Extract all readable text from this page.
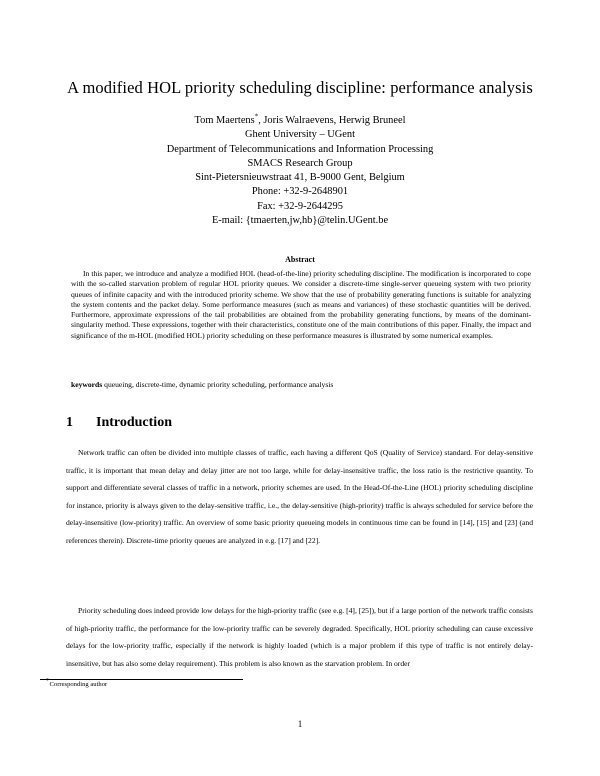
A modified HOL priority scheduling discipline: performance analysis
Tom Maertens*, Joris Walraevens, Herwig Bruneel
Ghent University – UGent
Department of Telecommunications and Information Processing
SMACS Research Group
Sint-Pietersnieuwstraat 41, B-9000 Gent, Belgium
Phone: +32-9-2648901
Fax: +32-9-2644295
E-mail: {tmaerten,jw,hb}@telin.UGent.be
Abstract
In this paper, we introduce and analyze a modified HOL (head-of-the-line) priority scheduling discipline. The modification is incorporated to cope with the so-called starvation problem of regular HOL priority queues. We consider a discrete-time single-server queueing system with two priority queues of infinite capacity and with the introduced priority scheme. We show that the use of probability generating functions is suitable for analyzing the system contents and the packet delay. Some performance measures (such as means and variances) of these stochastic quantities will be derived. Furthermore, approximate expressions of the tail probabilities are obtained from the probability generating functions, by means of the dominant-singularity method. These expressions, together with their characteristics, constitute one of the main contributions of this paper. Finally, the impact and significance of the m-HOL (modified HOL) priority scheduling on these performance measures is illustrated by some numerical examples.
keywords queueing, discrete-time, dynamic priority scheduling, performance analysis
1 Introduction
Network traffic can often be divided into multiple classes of traffic, each having a different QoS (Quality of Service) standard. For delay-sensitive traffic, it is important that mean delay and delay jitter are not too large, while for delay-insensitive traffic, the loss ratio is the restrictive quantity. To support and differentiate several classes of traffic in a network, priority schemes are used. In the Head-Of-the-Line (HOL) priority scheduling discipline for instance, priority is always given to the delay-sensitive traffic, i.e., the delay-sensitive (high-priority) traffic is always scheduled for service before the delay-insensitive (low-priority) traffic. An overview of some basic priority queueing models in continuous time can be found in [14], [15] and [23] (and references therein). Discrete-time priority queues are analyzed in e.g. [17] and [22].
Priority scheduling does indeed provide low delays for the high-priority traffic (see e.g. [4], [25]), but if a large portion of the network traffic consists of high-priority traffic, the performance for the low-priority traffic can be severely degraded. Specifically, HOL priority scheduling can cause excessive delays for the low-priority traffic, especially if the network is highly loaded (which is a major problem if this type of traffic is not entirely delay-insensitive, but has also some delay requirement). This problem is also known as the starvation problem. In order
*Corresponding author
1
